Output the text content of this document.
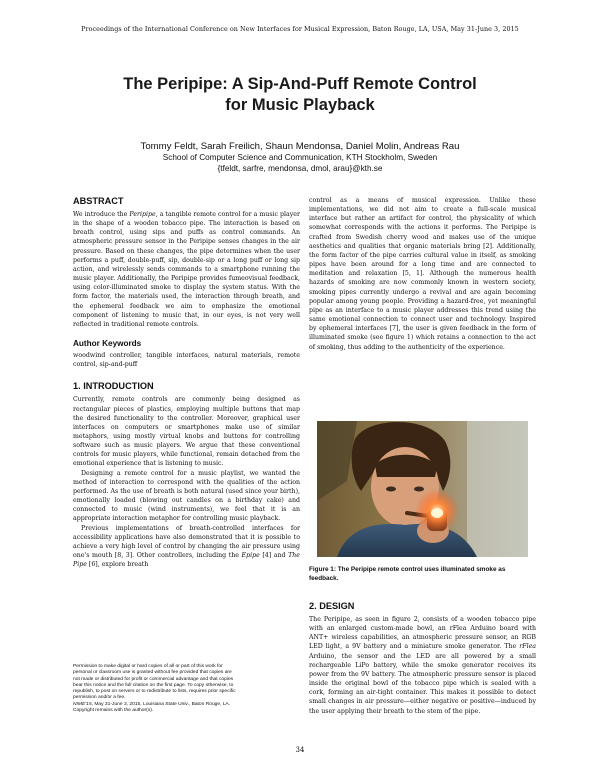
Proceedings of the International Conference on New Interfaces for Musical Expression, Baton Rouge, LA, USA, May 31-June 3, 2015
The Peripipe: A Sip-And-Puff Remote Control
for Music Playback
Tommy Feldt, Sarah Freilich, Shaun Mendonsa, Daniel Molin, Andreas Rau
School of Computer Science and Communication, KTH Stockholm, Sweden
{tfeldt, sarfre, mendonsa, dmol, arau}@kth.se
ABSTRACT

We introduce the Peripipe, a tangible remote control for a music player in the shape of a wooden tobacco pipe. The interaction is based on breath control, using sips and puffs as control commands. An atmospheric pressure sensor in the Peripipe senses changes in the air pressure. Based on these changes, the pipe determines when the user performs a puff, double-puff, sip, double-sip or a long puff or long sip action, and wirelessly sends commands to a smartphone running the music player. Additionally, the Peripipe provides fumeovisual feedback, using color-illuminated smoke to display the system status. With the form factor, the materials used, the interaction through breath, and the ephemeral feedback we aim to emphasize the emotional component of listening to music that, in our eyes, is not very well reflected in traditional remote controls.

Author Keywords

woodwind controller, tangible interfaces, natural materials, remote control, sip-and-puff

1. INTRODUCTION

Currently, remote controls are commonly being designed as rectangular pieces of plastics, employing multiple buttons that map the desired functionality to the controller. Moreover, graphical user interfaces on computers or smartphones make use of similar metaphors, using mostly virtual knobs and buttons for controlling software such as music players. We argue that these conventional controls for music players, while functional, remain detached from the emotional experience that is listening to music.

Designing a remote control for a music playlist, we wanted the method of interaction to correspond with the qualities of the action performed. As the use of breath is both natural (used since your birth), emotionally loaded (blowing out candles on a birthday cake) and connected to music (wind instruments), we feel that it is an appropriate interaction metaphor for controlling music playback.

Previous implementations of breath-controlled interfaces for accessibility applications have also demonstrated that it is possible to achieve a very high level of control by changing the air pressure using one's mouth [8, 3]. Other controllers, including the Epipe [4] and The Pipe [6], explore breath

Permission to make digital or hard copies of all or part of this work for
personal or classroom use is granted without fee provided that copies are
not made or distributed for profit or commercial advantage and that copies
bear this notice and the full citation on the first page. To copy otherwise, to
republish, to post on servers or to redistribute to lists, requires prior specific
permission and/or a fee.
NIME'15, May 31-June 3, 2015, Louisiana State Univ., Baton Rouge, LA.
Copyright remains with the author(s).

control as a means of musical expression. Unlike these implementations, we did not aim to create a full-scale musical interface but rather an artifact for control, the physicality of which somewhat corresponds with the actions it performs. The Peripipe is crafted from Swedish cherry wood and makes use of the unique aesthetics and qualities that organic materials bring [2]. Additionally, the form factor of the pipe carries cultural value in itself, as smoking pipes have been around for a long time and are connected to meditation and relaxation [5, 1]. Although the numerous health hazards of smoking are now commonly known in western society, smoking pipes currently undergo a revival and are again becoming popular among young people. Providing a hazard-free, yet meaningful pipe as an interface to a music player addresses this trend using the same emotional connection to connect user and technology. Inspired by ephemeral interfaces [7], the user is given feedback in the form of illuminated smoke (see figure 1) which retains a connection to the act of smoking, thus adding to the authenticity of the experience.

Figure 1: The Peripipe remote control uses illuminated smoke as feedback.
2. DESIGN

The Peripipe, as seen in figure 2, consists of a wooden tobacco pipe with an enlarged custom-made bowl, an rFlea Arduino board with ANT+ wireless capabilities, an atmospheric pressure sensor, an RGB LED light, a 9V battery and a miniature smoke generator. The rFlea Arduino, the sensor and the LED are all powered by a small rechargeable LiPo battery, while the smoke generator receives its power from the 9V battery. The atmospheric pressure sensor is placed inside the original bowl of the tobacco pipe which is sealed with a cork, forming an air-tight container. This makes it possible to detect small changes in air pressure—either negative or positive—induced by the user applying their breath to the stem of the pipe.

34
